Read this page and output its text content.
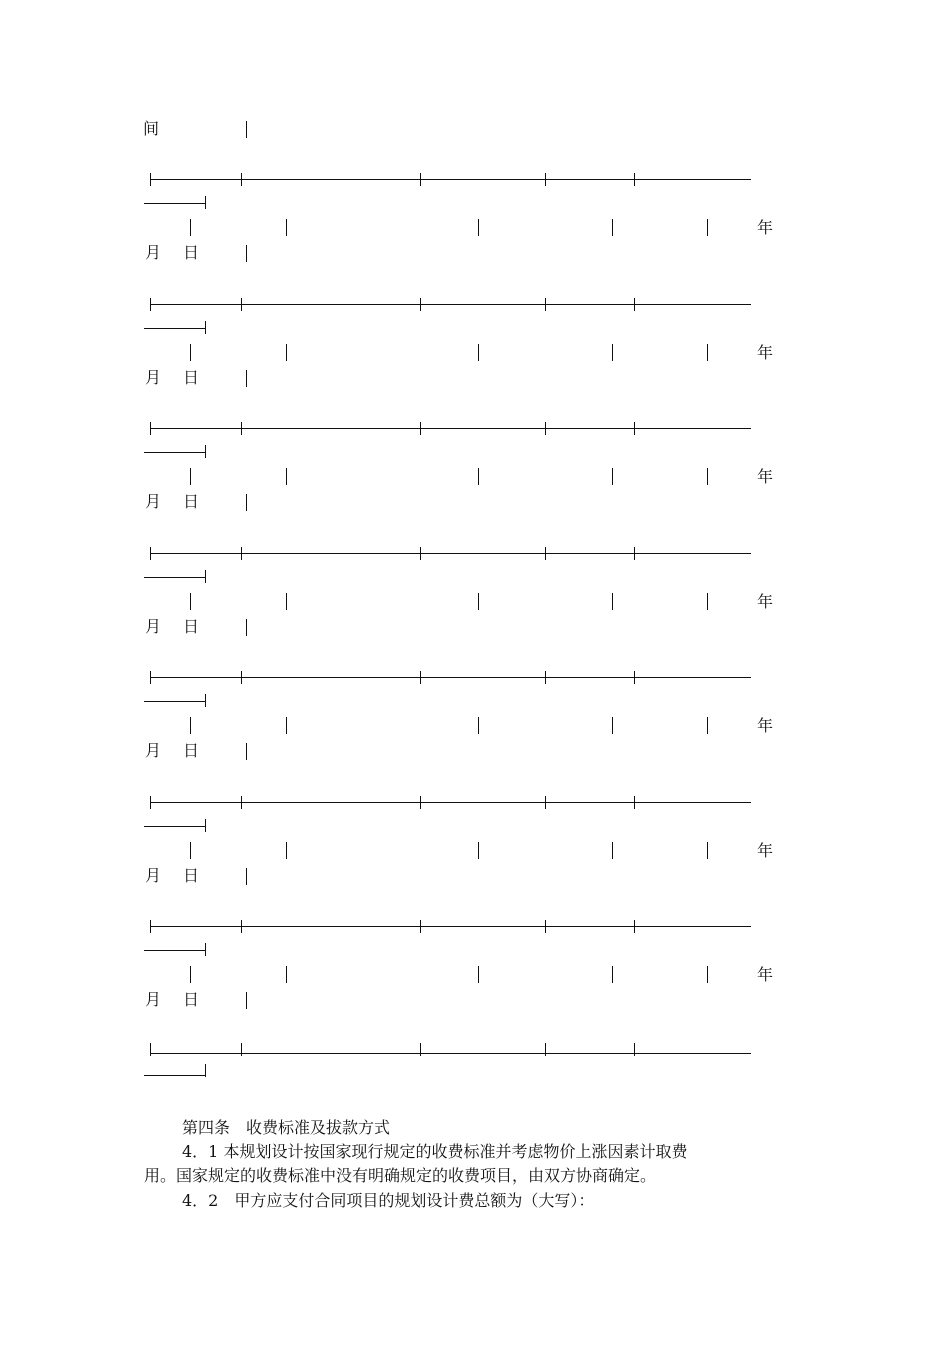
间
年
月 日
年
月 日
年
月 日
年
月 日
年
月 日
年
月 日
年
月 日
第四条　收费标准及拔款方式
4．1 本规划设计按国家现行规定的收费标准并考虑物价上涨因素计取费
用。国家规定的收费标准中没有明确规定的收费项目，由双方协商确定。
4．2　甲方应支付合同项目的规划设计费总额为（大写）：
